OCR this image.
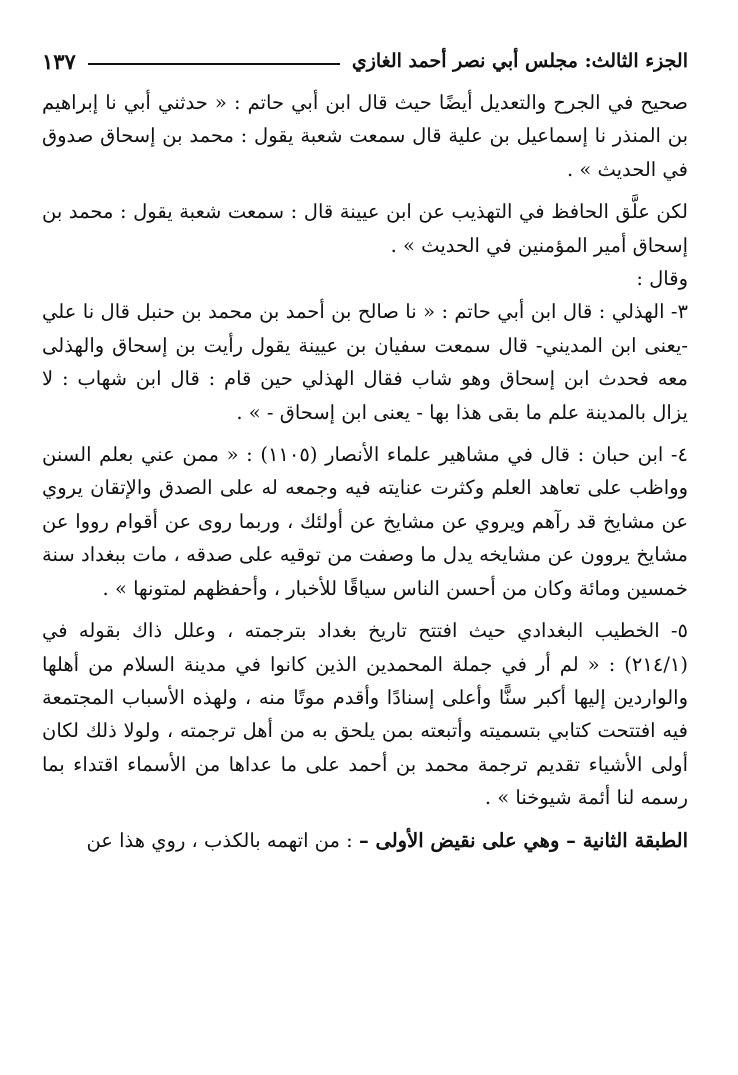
الجزء الثالث: مجلس أبي نصر أحمد الغازي
١٣٧

صحيح في الجرح والتعديل أيضًا حيث قال ابن أبي حاتم : « حدثني أبي نا إبراهيم بن المنذر نا إسماعيل بن علية قال سمعت شعبة يقول : محمد بن إسحاق صدوق في الحديث » .

لكن علَّق الحافظ في التهذيب عن ابن عيينة قال : سمعت شعبة يقول : محمد بن إسحاق أمير المؤمنين في الحديث » .

وقال :

٣- الهذلي : قال ابن أبي حاتم : « نا صالح بن أحمد بن محمد بن حنبل قال نا علي -يعنى ابن المديني- قال سمعت سفيان بن عيينة يقول رأيت بن إسحاق والهذلى معه فحدث ابن إسحاق وهو شاب فقال الهذلي حين قام : قال ابن شهاب : لا يزال بالمدينة علم ما بقى هذا بها - يعنى ابن إسحاق - » .

٤- ابن حبان : قال في مشاهير علماء الأنصار (١١٠٥) : « ممن عني بعلم السنن وواظب على تعاهد العلم وكثرت عنايته فيه وجمعه له على الصدق والإتقان يروي عن مشايخ قد رآهم ويروي عن مشايخ عن أولئك ، وربما روى عن أقوام رووا عن مشايخ يروون عن مشايخه يدل ما وصفت من توقيه على صدقه ، مات ببغداد سنة خمسين ومائة وكان من أحسن الناس سياقًا للأخبار ، وأحفظهم لمتونها » .

٥- الخطيب البغدادي حيث افتتح تاريخ بغداد بترجمته ، وعلل ذاك بقوله في (٢١٤/١) : « لم أر في جملة المحمدين الذين كانوا في مدينة السلام من أهلها والواردين إليها أكبر سنًّا وأعلى إسنادًا وأقدم موتًا منه ، ولهذه الأسباب المجتمعة فيه افتتحت كتابي بتسميته وأتبعته بمن يلحق به من أهل ترجمته ، ولولا ذلك لكان أولى الأشياء تقديم ترجمة محمد بن أحمد على ما عداها من الأسماء اقتداء بما رسمه لنا أئمة شيوخنا » .

الطبقة الثانية – وهي على نقيض الأولى – : من اتهمه بالكذب ، روي هذا عن
